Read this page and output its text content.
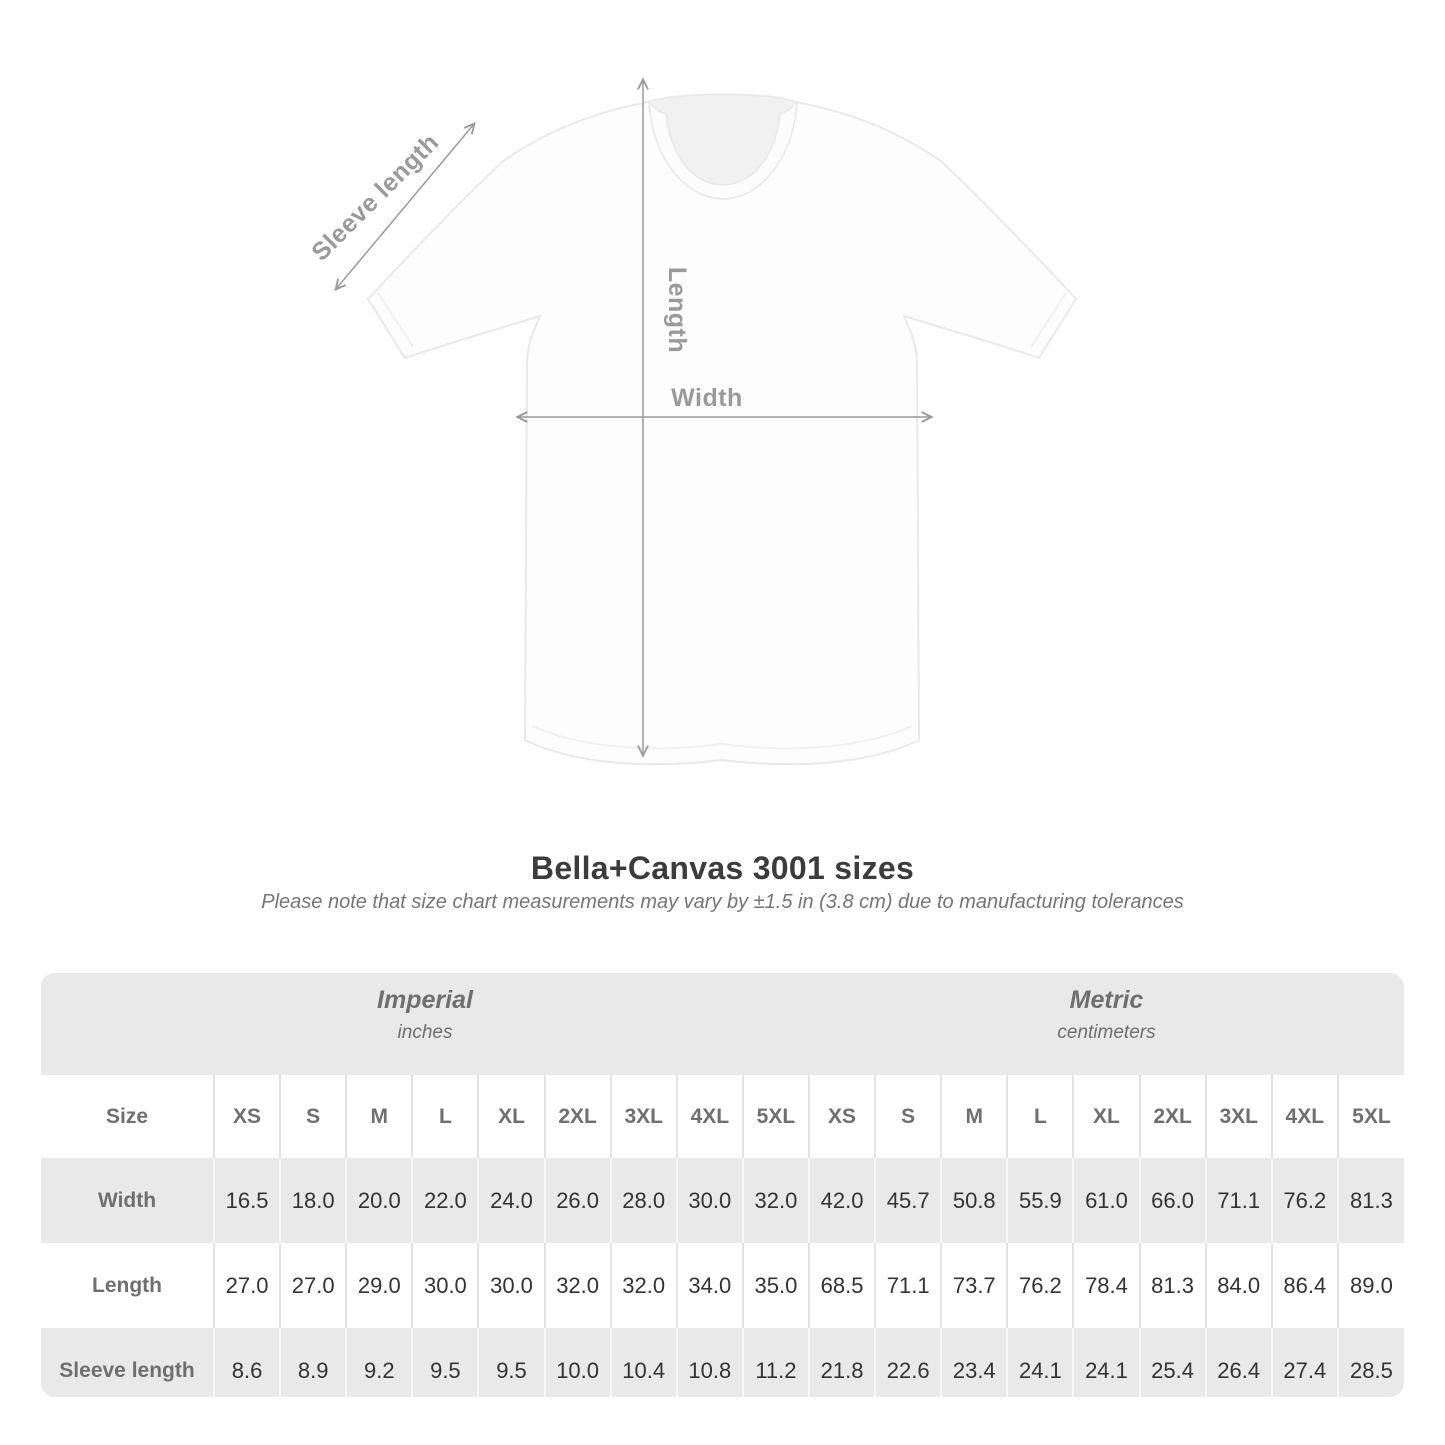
Sleeve length
Length
Width
Bella+Canvas 3001 sizes
Please note that size chart measurements may vary by ±1.5 in (3.8 cm) due to manufacturing tolerances
Imperial
inches

Metric
centimeters

Size	XS	S	M	L	XL	2XL	3XL	4XL	5XL	XS	S	M	L	XL	2XL	3XL	4XL	5XL
Width	16.5	18.0	20.0	22.0	24.0	26.0	28.0	30.0	32.0	42.0	45.7	50.8	55.9	61.0	66.0	71.1	76.2	81.3
Length	27.0	27.0	29.0	30.0	30.0	32.0	32.0	34.0	35.0	68.5	71.1	73.7	76.2	78.4	81.3	84.0	86.4	89.0
Sleeve length	8.6	8.9	9.2	9.5	9.5	10.0	10.4	10.8	11.2	21.8	22.6	23.4	24.1	24.1	25.4	26.4	27.4	28.5
